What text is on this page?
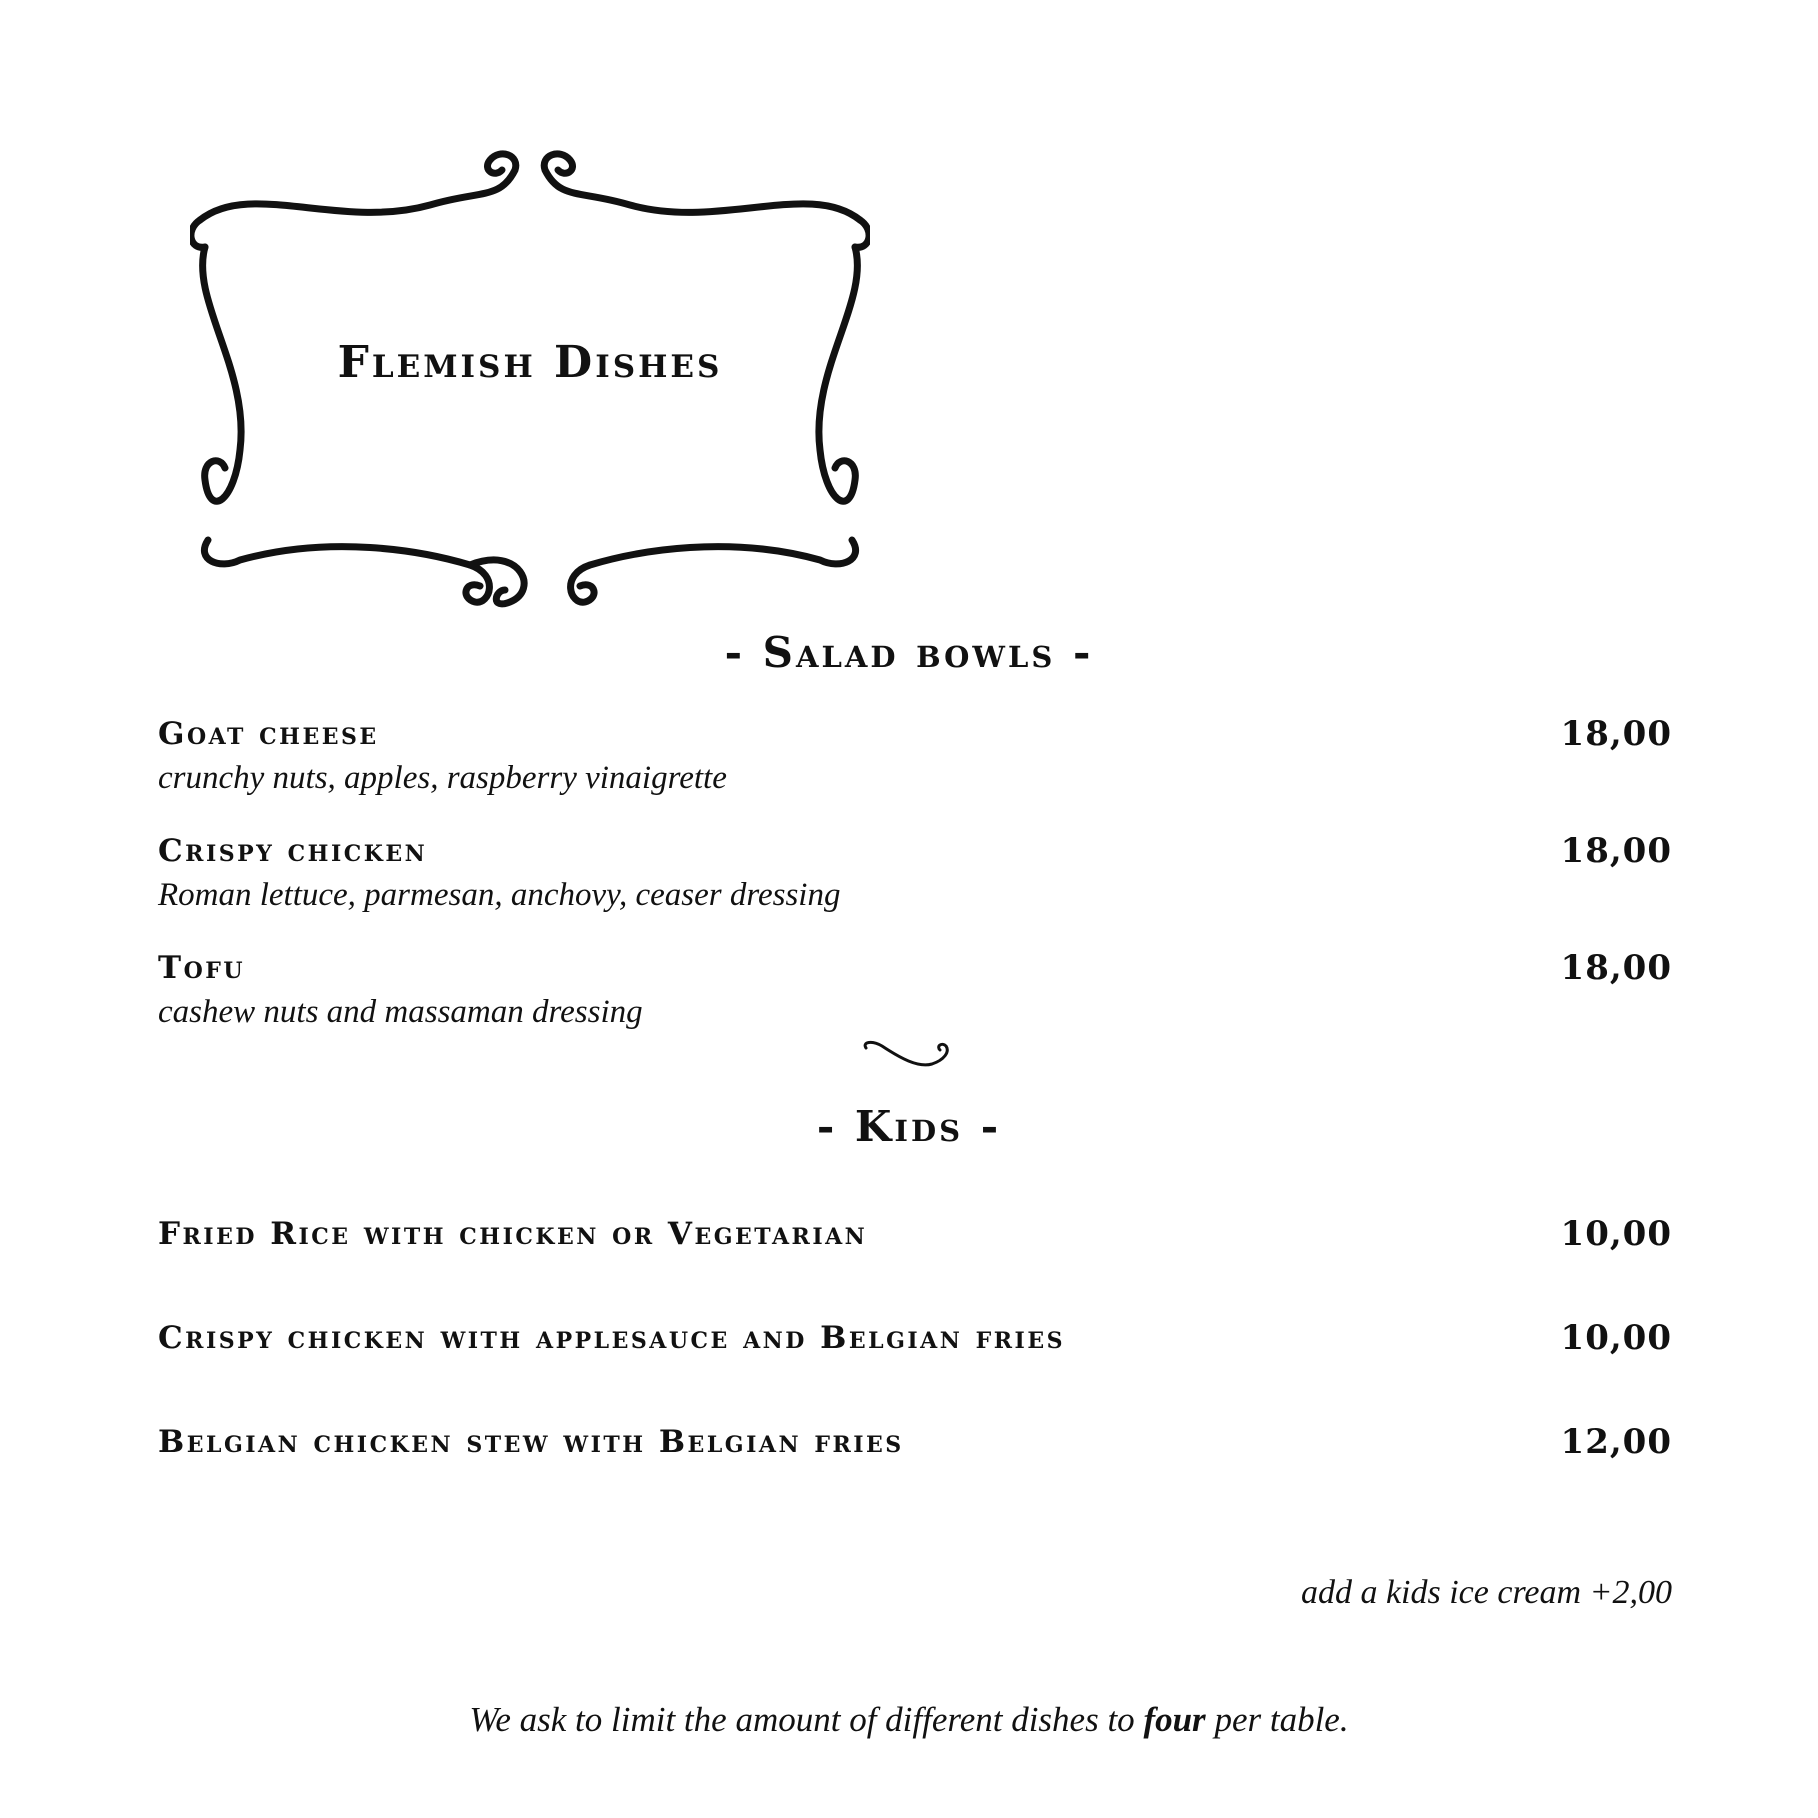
Flemish Dishes
- Salad bowls -
Goat cheese	18,00
crunchy nuts, apples, raspberry vinaigrette
Crispy chicken	18,00
Roman lettuce, parmesan, anchovy, ceaser dressing
Tofu	18,00
cashew nuts and massaman dressing
- Kids -
Fried Rice with chicken or Vegetarian	10,00
Crispy chicken with applesauce and Belgian fries	10,00
Belgian chicken stew with Belgian fries	12,00
add a kids ice cream +2,00
We ask to limit the amount of different dishes to four per table.
